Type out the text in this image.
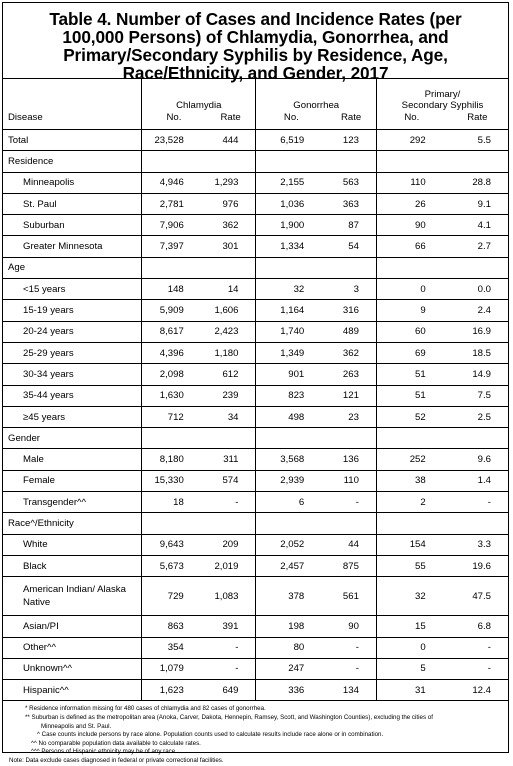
Table 4. Number of Cases and Incidence Rates (per
100,000 Persons) of Chlamydia, Gonorrhea, and
Primary/Secondary Syphilis by Residence, Age,
Race/Ethnicity, and Gender, 2017
	Chlamydia		Gonorrhea		Primary/
Secondary Syphilis	

Disease	No.	Rate	No.	Rate	No.	Rate
Total	23,528	444	6,519	123	292	5.5
Residence						
Minneapolis	4,946	1,293	2,155	563	110	28.8
St. Paul	2,781	976	1,036	363	26	9.1
Suburban	7,906	362	1,900	87	90	4.1
Greater Minnesota	7,397	301	1,334	54	66	2.7
Age						
<15 years	148	14	32	3	0	0.0
15-19 years	5,909	1,606	1,164	316	9	2.4
20-24 years	8,617	2,423	1,740	489	60	16.9
25-29 years	4,396	1,180	1,349	362	69	18.5
30-34 years	2,098	612	901	263	51	14.9
35-44 years	1,630	239	823	121	51	7.5
≥45 years	712	34	498	23	52	2.5
Gender						
Male	8,180	311	3,568	136	252	9.6
Female	15,330	574	2,939	110	38	1.4
Transgender^^	18	-	6	-	2	-
Race^/Ethnicity						
White	9,643	209	2,052	44	154	3.3
Black	5,673	2,019	2,457	875	55	19.6
American Indian/ Alaska Native	729	1,083	378	561	32	47.5
Asian/PI	863	391	198	90	15	6.8
Other^^	354	-	80	-	0	-
Unknown^^	1,079	-	247	-	5	-
Hispanic^^	1,623	649	336	134	31	12.4
* Residence information missing for 480 cases of chlamydia and 82 cases of gonorrhea.
** Suburban is defined as the metropolitan area (Anoka, Carver, Dakota, Hennepin, Ramsey, Scott, and Washington Counties), excluding the cities of
Minneapolis and St. Paul.
^ Case counts include persons by race alone. Population counts used to calculate results include race alone or in combination.
^^ No comparable population data available to calculate rates.
^^^ Persons of Hispanic ethnicity may be of any race.
Note: Data exclude cases diagnosed in federal or private correctional facilities.
